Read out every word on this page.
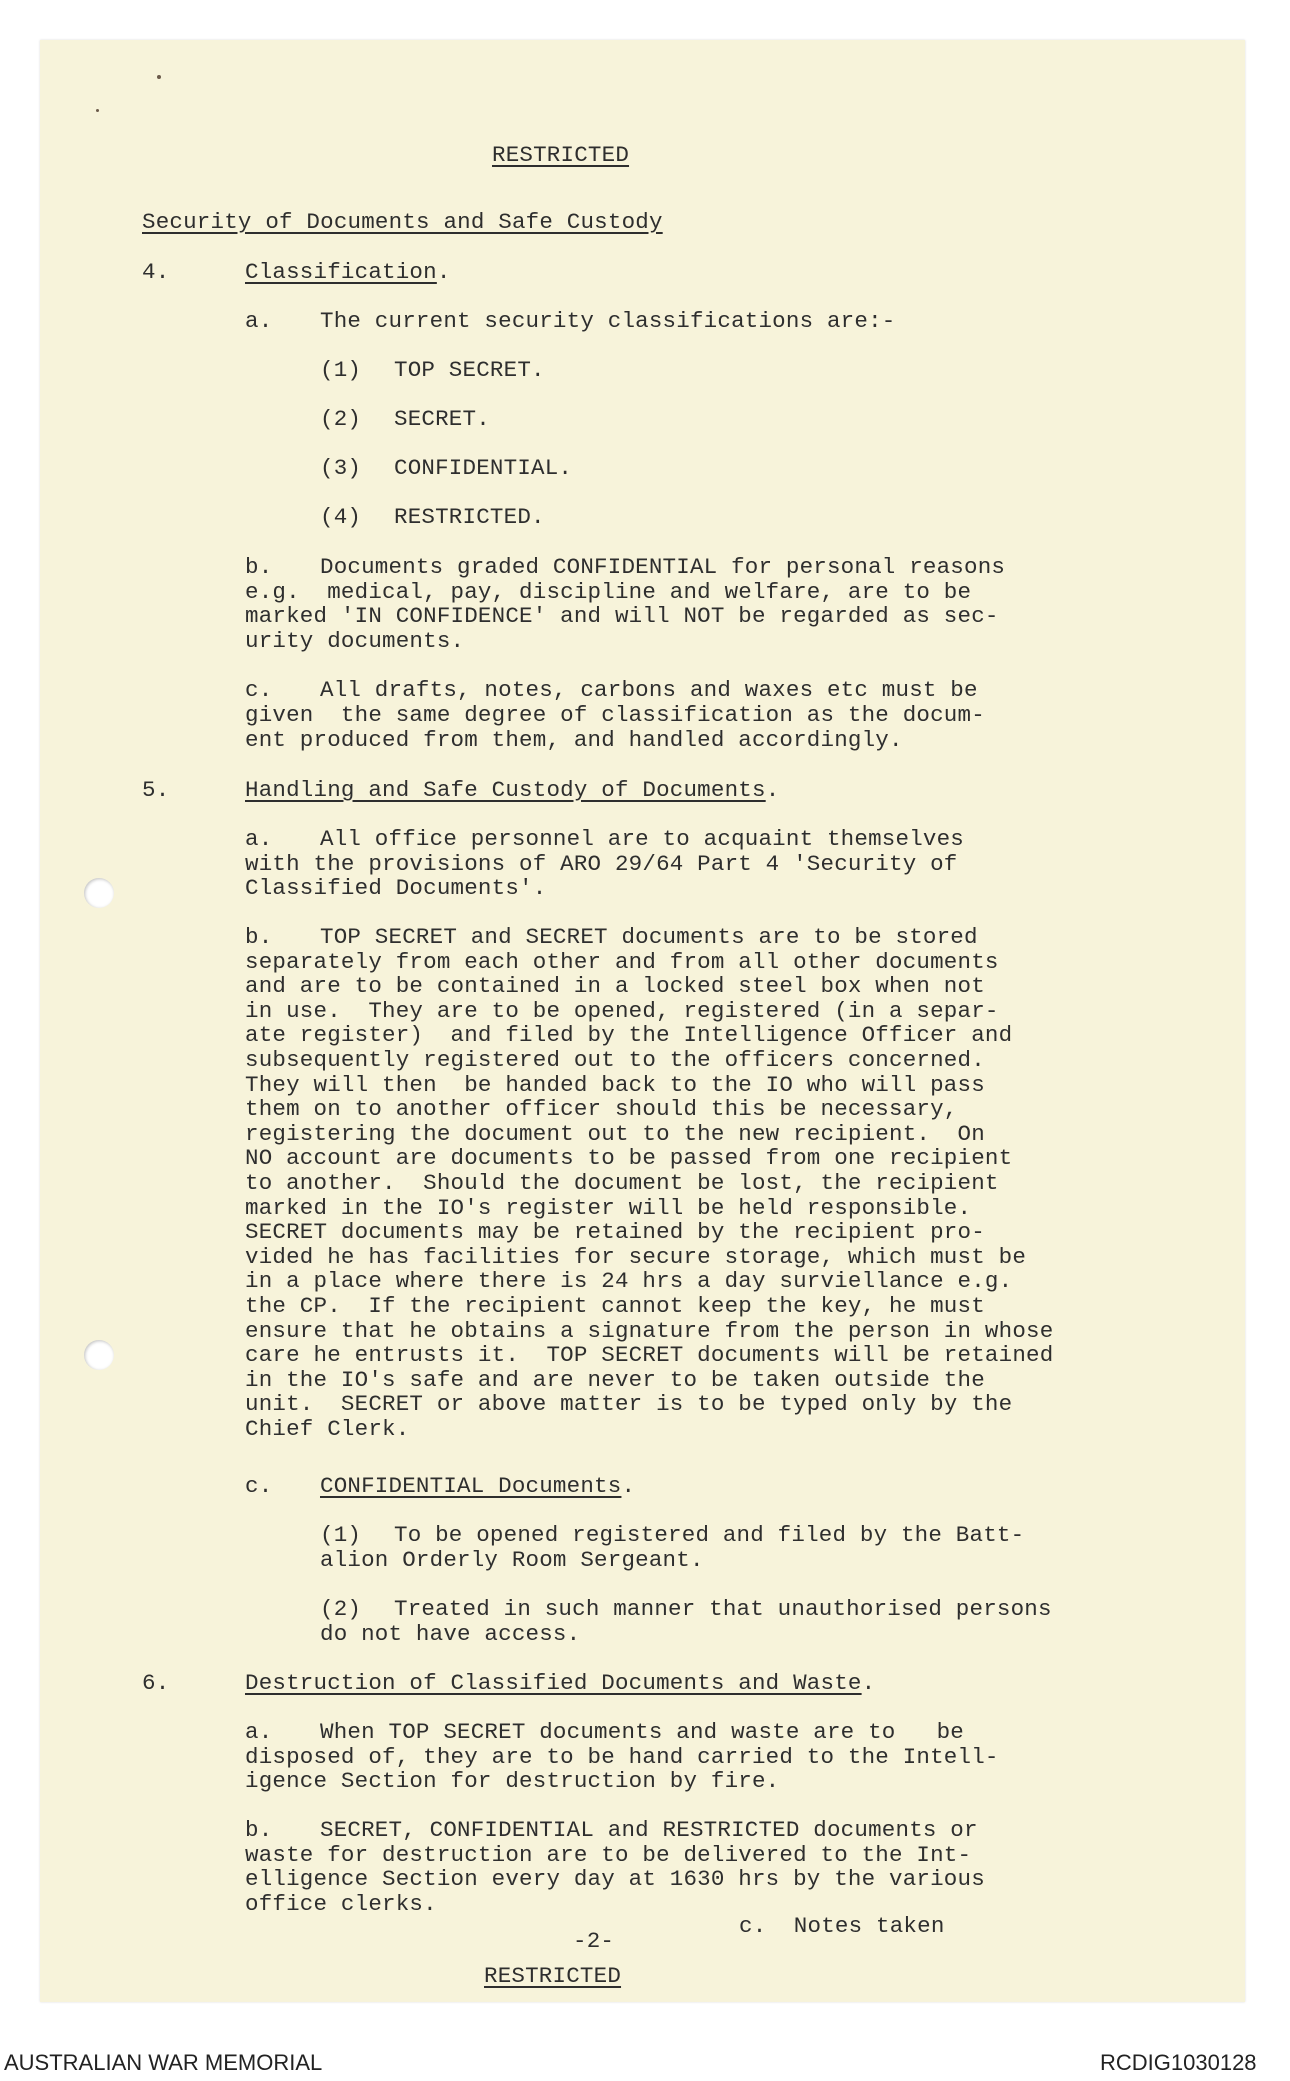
RESTRICTED
Security of Documents and Safe Custody
4.	Classification.
a. The current security classifications are:-
(1) TOP SECRET.
(2) SECRET.
(3) CONFIDENTIAL.
(4) RESTRICTED.
b. Documents graded CONFIDENTIAL for personal reasons
e.g.  medical, pay, discipline and welfare, are to be
marked 'IN CONFIDENCE' and will NOT be regarded as sec-
urity documents.
c. All drafts, notes, carbons and waxes etc must be
given  the same degree of classification as the docum-
ent produced from them, and handled accordingly.
5.	Handling and Safe Custody of Documents.
a. All office personnel are to acquaint themselves
with the provisions of ARO 29/64 Part 4 'Security of
Classified Documents'.
b. TOP SECRET and SECRET documents are to be stored
separately from each other and from all other documents
and are to be contained in a locked steel box when not
in use.  They are to be opened, registered (in a separ-
ate register)  and filed by the Intelligence Officer and
subsequently registered out to the officers concerned.
They will then  be handed back to the IO who will pass
them on to another officer should this be necessary,
registering the document out to the new recipient.  On
NO account are documents to be passed from one recipient
to another.  Should the document be lost, the recipient
marked in the IO's register will be held responsible.
SECRET documents may be retained by the recipient pro-
vided he has facilities for secure storage, which must be
in a place where there is 24 hrs a day surviellance e.g.
the CP.  If the recipient cannot keep the key, he must
ensure that he obtains a signature from the person in whose
care he entrusts it.  TOP SECRET documents will be retained
in the IO's safe and are never to be taken outside the
unit.  SECRET or above matter is to be typed only by the
Chief Clerk.
c. CONFIDENTIAL Documents.
(1) To be opened registered and filed by the Batt-
alion Orderly Room Sergeant.
(2) Treated in such manner that unauthorised persons
do not have access.
6.	Destruction of Classified Documents and Waste.
a. When TOP SECRET documents and waste are to   be
disposed of, they are to be hand carried to the Intell-
igence Section for destruction by fire.
b. SECRET, CONFIDENTIAL and RESTRICTED documents or
waste for destruction are to be delivered to the Int-
elligence Section every day at 1630 hrs by the various
office clerks.
c.  Notes taken
-2-
RESTRICTED
AUSTRALIAN WAR MEMORIAL	RCDIG1030128
